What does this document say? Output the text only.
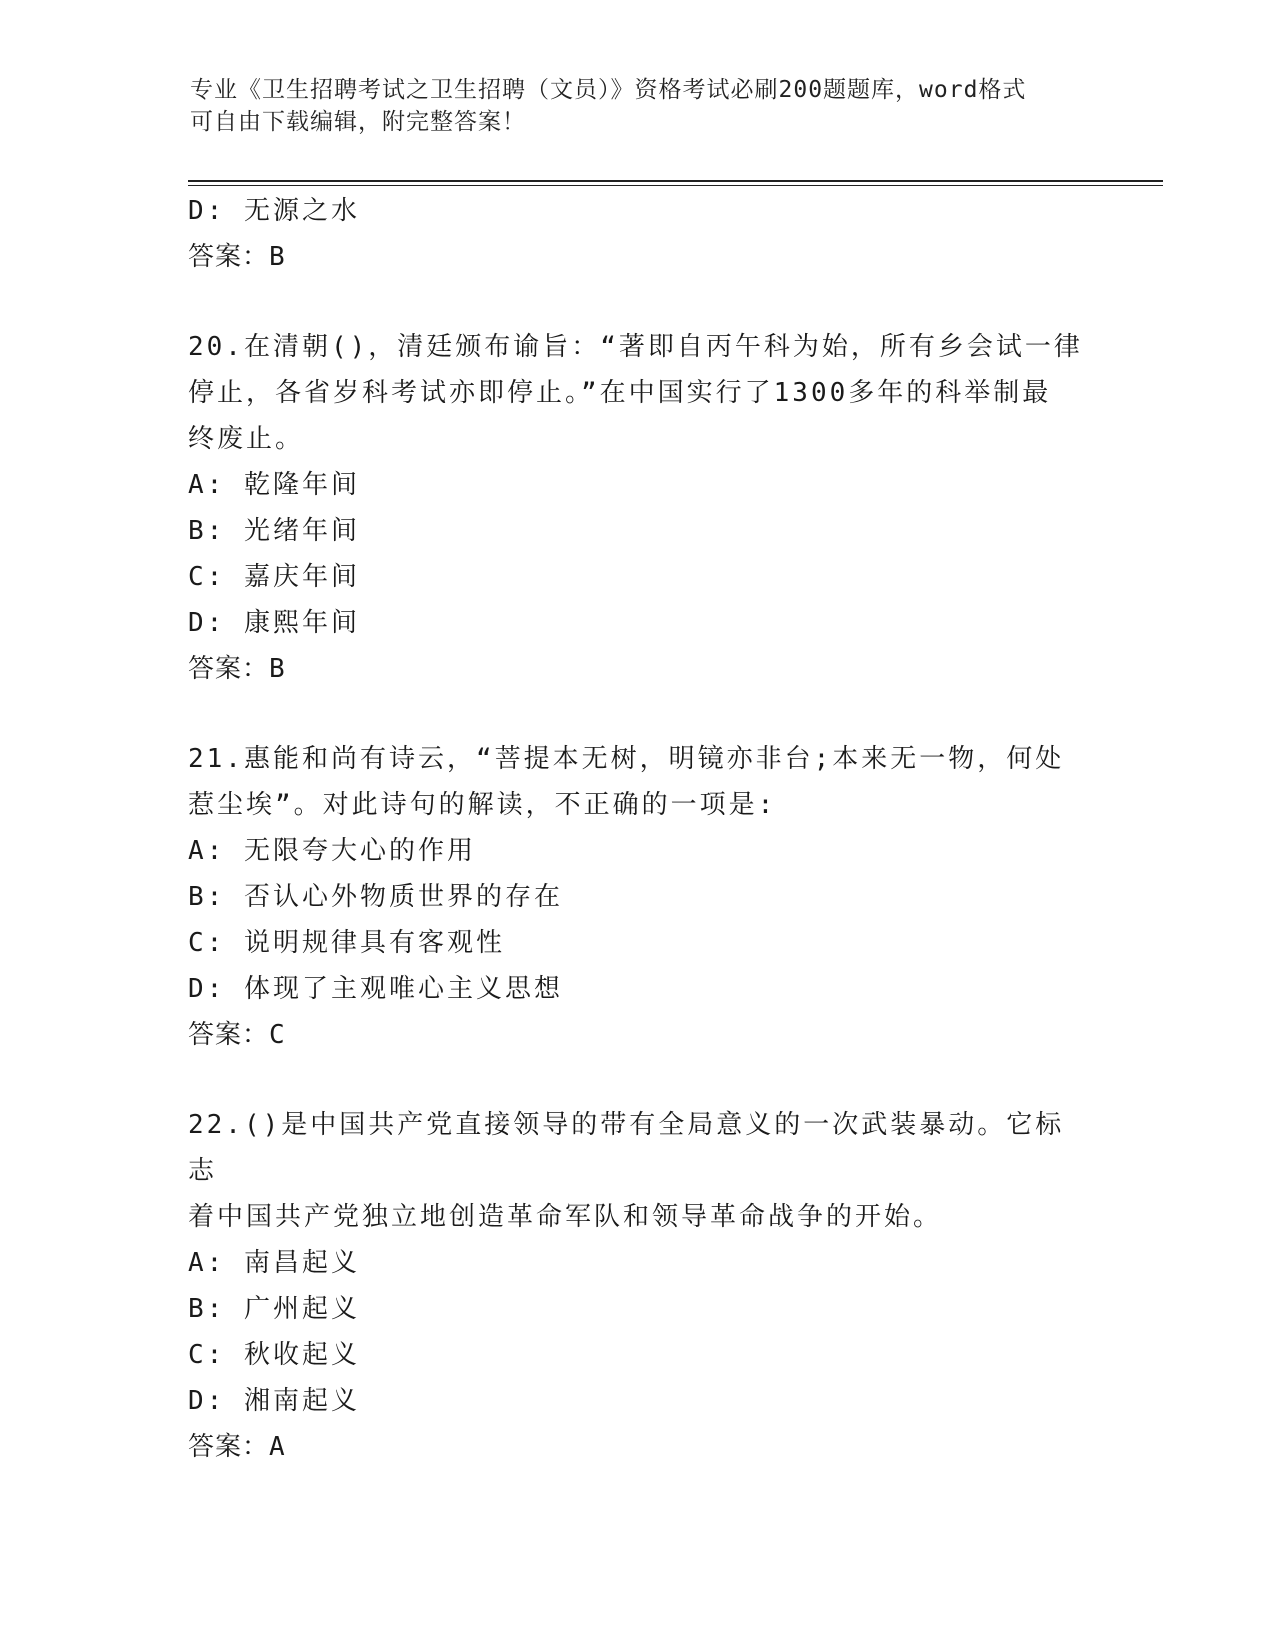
专业《卫生招聘考试之卫生招聘（文员）》资格考试必刷200题题库，word格式
可自由下载编辑，附完整答案！
D: 无源之水
答案：B
20.在清朝()，清廷颁布谕旨：“著即自丙午科为始，所有乡会试一律
停止，各省岁科考试亦即停止。”在中国实行了1300多年的科举制最
终废止。
A: 乾隆年间
B: 光绪年间
C: 嘉庆年间
D: 康熙年间
答案：B
21.惠能和尚有诗云，“菩提本无树，明镜亦非台;本来无一物，何处
惹尘埃”。对此诗句的解读，不正确的一项是:
A: 无限夸大心的作用
B: 否认心外物质世界的存在
C: 说明规律具有客观性
D: 体现了主观唯心主义思想
答案：C
22.()是中国共产党直接领导的带有全局意义的一次武装暴动。它标志
着中国共产党独立地创造革命军队和领导革命战争的开始。
A: 南昌起义
B: 广州起义
C: 秋收起义
D: 湘南起义
答案：A
